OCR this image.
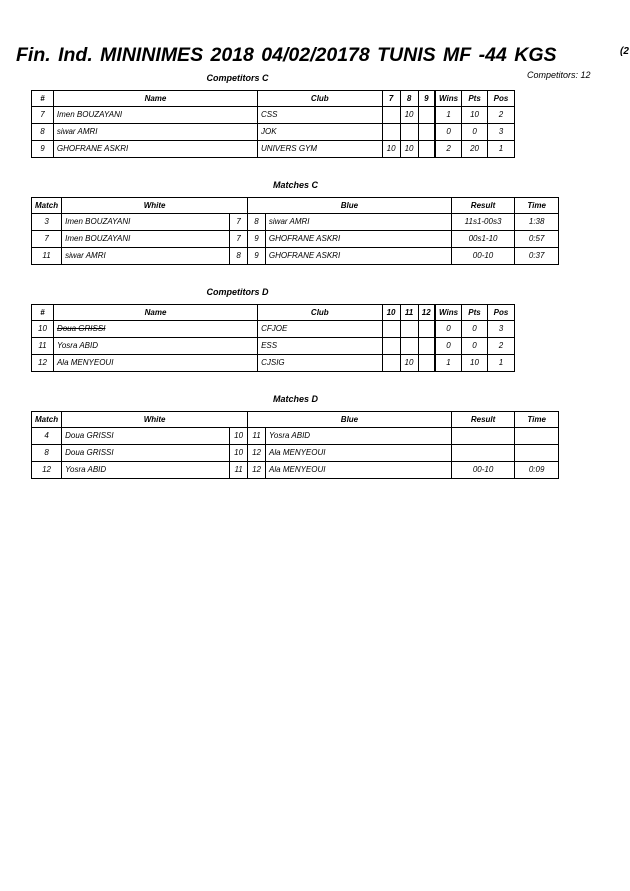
Fin. Ind. MININIMES 2018 04/02/20178 TUNIS MF -44 KGS	(2
Competitors: 12
Competitors C
#	Name	Club	7	8	9	Wins	Pts	Pos
7	Imen BOUZAYANI	CSS		10		1	10	2
8	siwar AMRI	JOK				0	0	3
9	GHOFRANE ASKRI	UNIVERS GYM	10	10		2	20	1
Matches C
Match	White		Blue		Result	Time
3	Imen BOUZAYANI	7	8	siwar AMRI	11s1-00s3	1:38
7	Imen BOUZAYANI	7	9	GHOFRANE ASKRI	00s1-10	0:57
11	siwar AMRI	8	9	GHOFRANE ASKRI	00-10	0:37
Competitors D
#	Name	Club	10	11	12	Wins	Pts	Pos
10	Doua GRISSI	CFJOE				0	0	3
11	Yosra ABID	ESS				0	0	2
12	Ala MENYEOUI	CJSIG		10		1	10	1
Matches D
Match	White		Blue		Result	Time
4	Doua GRISSI	10	11	Yosra ABID		
8	Doua GRISSI	10	12	Ala MENYEOUI		
12	Yosra ABID	11	12	Ala MENYEOUI	00-10	0:09
